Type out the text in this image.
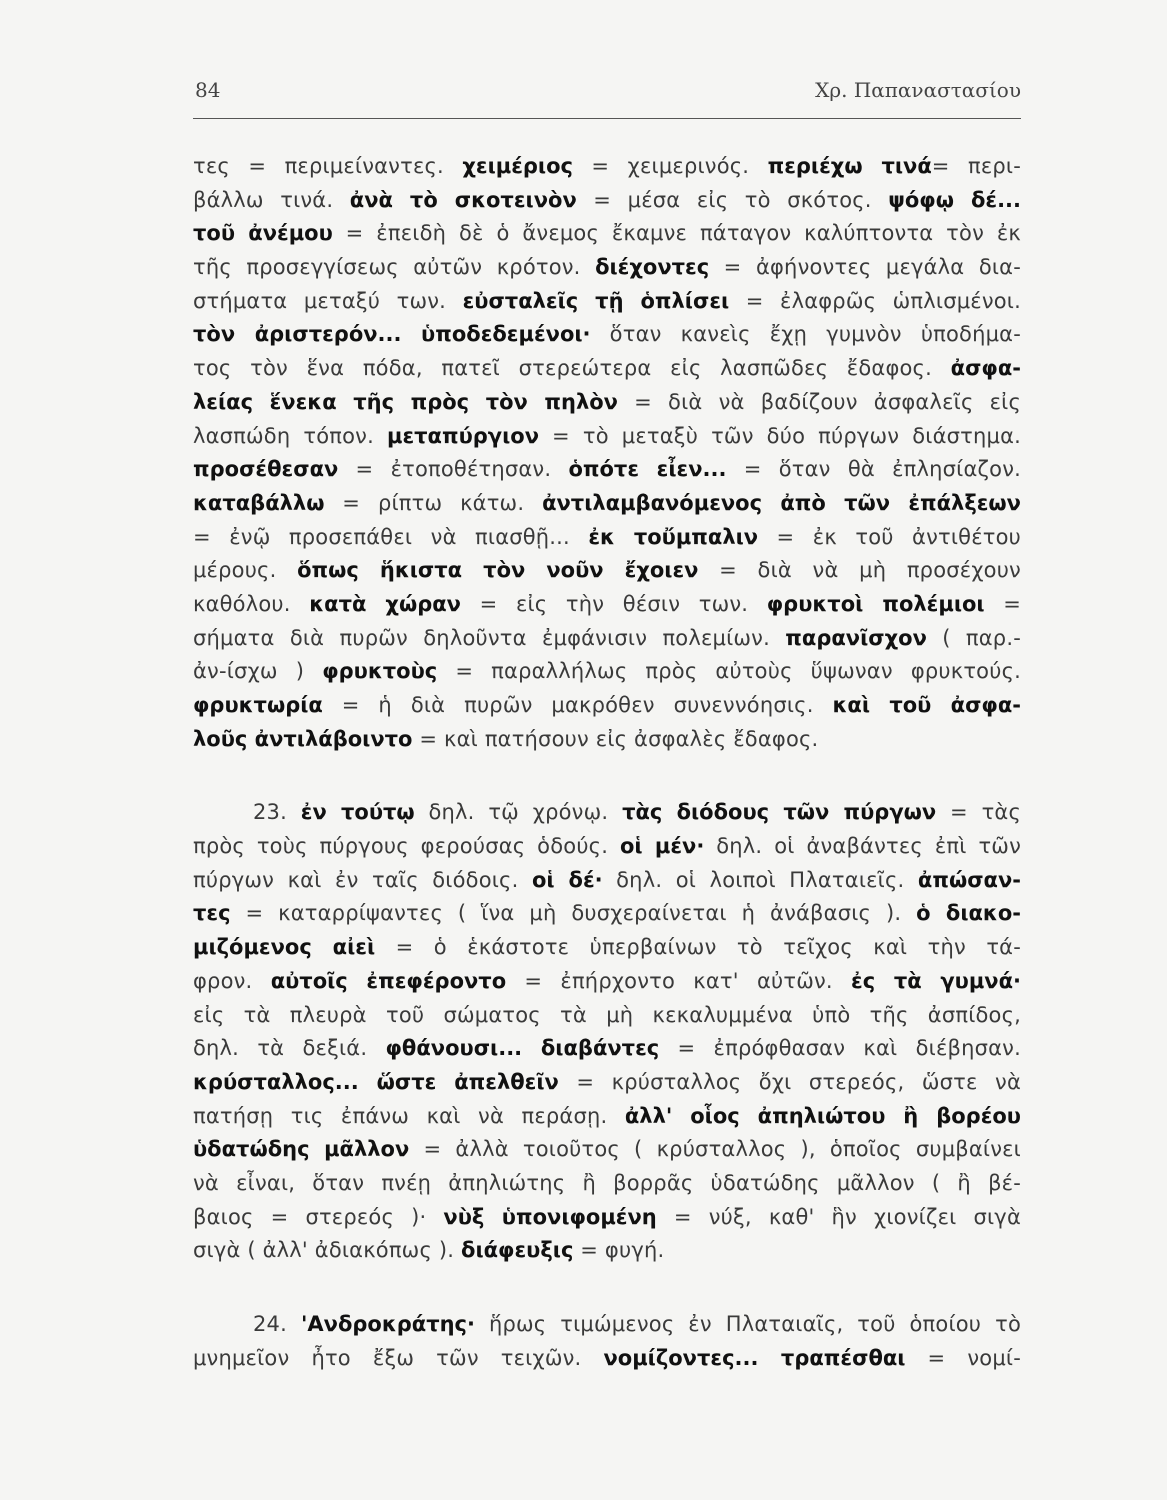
84	Χρ. Παπαναστασίου
τες = περιμείναντες. χειμέριος = χειμερινός. περιέχω τινά= περι-
βάλλω τινά. ἀνὰ τὸ σκοτεινὸν = μέσα εἰς τὸ σκότος. ψόφῳ δέ...
τοῦ ἀνέμου = ἐπειδὴ δὲ ὁ ἄνεμος ἔκαμνε πάταγον καλύπτοντα τὸν ἐκ
τῆς προσεγγίσεως αὐτῶν κρότον. διέχοντες = ἀφήνοντες μεγάλα δια-
στήματα μεταξύ των. εὐσταλεῖς τῇ ὁπλίσει = ἐλαφρῶς ὡπλισμένοι.
τὸν ἀριστερόν... ὑποδεδεμένοι· ὅταν κανεὶς ἔχῃ γυμνὸν ὑποδήμα-
τος τὸν ἕνα πόδα, πατεῖ στερεώτερα εἰς λασπῶδες ἔδαφος. ἀσφα-
λείας ἕνεκα τῆς πρὸς τὸν πηλὸν = διὰ νὰ βαδίζουν ἀσφαλεῖς εἰς
λασπώδη τόπον. μεταπύργιον = τὸ μεταξὺ τῶν δύο πύργων διάστημα.
προσέθεσαν = ἐτοποθέτησαν. ὁπότε εἶεν... = ὅταν θὰ ἐπλησίαζον.
καταβάλλω = ρίπτω κάτω. ἀντιλαμβανόμενος ἀπὸ τῶν ἐπάλξεων
= ἐνῷ προσεπάθει νὰ πιασθῇ... ἐκ τοὔμπαλιν = ἐκ τοῦ ἀντιθέτου
μέρους. ὅπως ἥκιστα τὸν νοῦν ἔχοιεν = διὰ νὰ μὴ προσέχουν
καθόλου. κατὰ χώραν = εἰς τὴν θέσιν των. φρυκτοὶ πολέμιοι =
σήματα διὰ πυρῶν δηλοῦντα ἐμφάνισιν πολεμίων. παρανῖσχον ( παρ.-
ἀν-ίσχω ) φρυκτοὺς = παραλλήλως πρὸς αὐτοὺς ὕψωναν φρυκτούς.
φρυκτωρία = ἡ διὰ πυρῶν μακρόθεν συνεννόησις. καὶ τοῦ ἀσφα-
λοῦς ἀντιλάβοιντο = καὶ πατήσουν εἰς ἀσφαλὲς ἔδαφος.
23. ἐν τούτῳ δηλ. τῷ χρόνῳ. τὰς διόδους τῶν πύργων = τὰς
πρὸς τοὺς πύργους φερούσας ὁδούς. οἱ μέν· δηλ. οἱ ἀναβάντες ἐπὶ τῶν
πύργων καὶ ἐν ταῖς διόδοις. οἱ δέ· δηλ. οἱ λοιποὶ Πλαταιεῖς. ἀπώσαν-
τες = καταρρίψαντες ( ἵνα μὴ δυσχεραίνεται ἡ ἀνάβασις ). ὁ διακο-
μιζόμενος αἰεὶ = ὁ ἑκάστοτε ὑπερβαίνων τὸ τεῖχος καὶ τὴν τά-
φρον. αὐτοῖς ἐπεφέροντο = ἐπήρχοντο κατ' αὐτῶν. ἐς τὰ γυμνά·
εἰς τὰ πλευρὰ τοῦ σώματος τὰ μὴ κεκαλυμμένα ὑπὸ τῆς ἀσπίδος,
δηλ. τὰ δεξιά. φθάνουσι... διαβάντες = ἐπρόφθασαν καὶ διέβησαν.
κρύσταλλος... ὥστε ἀπελθεῖν = κρύσταλλος ὄχι στερεός, ὥστε νὰ
πατήσῃ τις ἐπάνω καὶ νὰ περάσῃ. ἀλλ' οἷος ἀπηλιώτου ἢ βορέου
ὑδατώδης μᾶλλον = ἀλλὰ τοιοῦτος ( κρύσταλλος ), ὁποῖος συμβαίνει
νὰ εἶναι, ὅταν πνέῃ ἀπηλιώτης ἢ βορρᾶς ὑδατώδης μᾶλλον ( ἢ βέ-
βαιος = στερεός )· νὺξ ὑπονιφομένη = νύξ, καθ' ἣν χιονίζει σιγὰ
σιγὰ ( ἀλλ' ἀδιακόπως ). διάφευξις = φυγή.
24. 'Ανδροκράτης· ἥρως τιμώμενος ἐν Πλαταιαῖς, τοῦ ὁποίου τὸ
μνημεῖον ἦτο ἔξω τῶν τειχῶν. νομίζοντες... τραπέσθαι = νομί-
